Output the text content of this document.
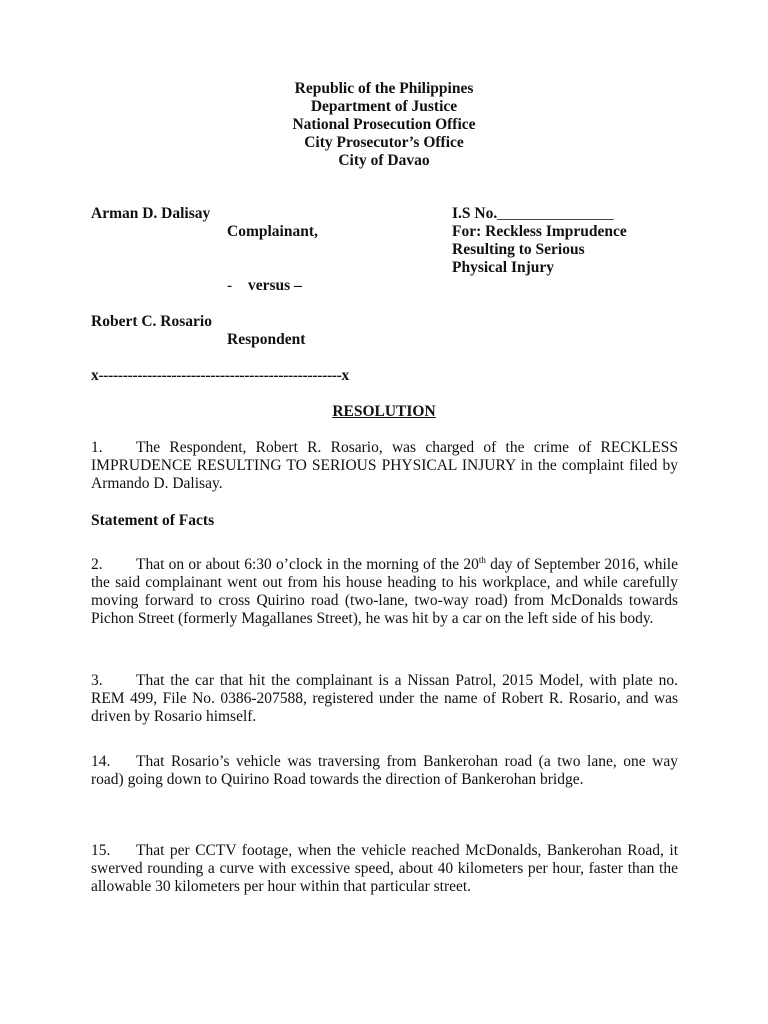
Republic of the Philippines
Department of Justice
National Prosecution Office
City Prosecutor’s Office
City of Davao
Arman D. Dalisay
Complainant,
- versus –
Robert C. Rosario
Respondent
I.S No._______________
For: Reckless Imprudence
Resulting to Serious
Physical Injury
x--------------------------------------------------x
RESOLUTION
1. The Respondent, Robert R. Rosario, was charged of the crime of RECKLESS IMPRUDENCE RESULTING TO SERIOUS PHYSICAL INJURY in the complaint filed by Armando D. Dalisay.
Statement of Facts
2. That on or about 6:30 o’clock in the morning of the 20th day of September 2016, while the said complainant went out from his house heading to his workplace, and while carefully moving forward to cross Quirino road (two-lane, two-way road) from McDonalds towards Pichon Street (formerly Magallanes Street), he was hit by a car on the left side of his body.
3. That the car that hit the complainant is a Nissan Patrol, 2015 Model, with plate no. REM 499, File No. 0386-207588, registered under the name of Robert R. Rosario, and was driven by Rosario himself.
14. That Rosario’s vehicle was traversing from Bankerohan road (a two lane, one way road) going down to Quirino Road towards the direction of Bankerohan bridge.
15. That per CCTV footage, when the vehicle reached McDonalds, Bankerohan Road, it swerved rounding a curve with excessive speed, about 40 kilometers per hour, faster than the allowable 30 kilometers per hour within that particular street.
